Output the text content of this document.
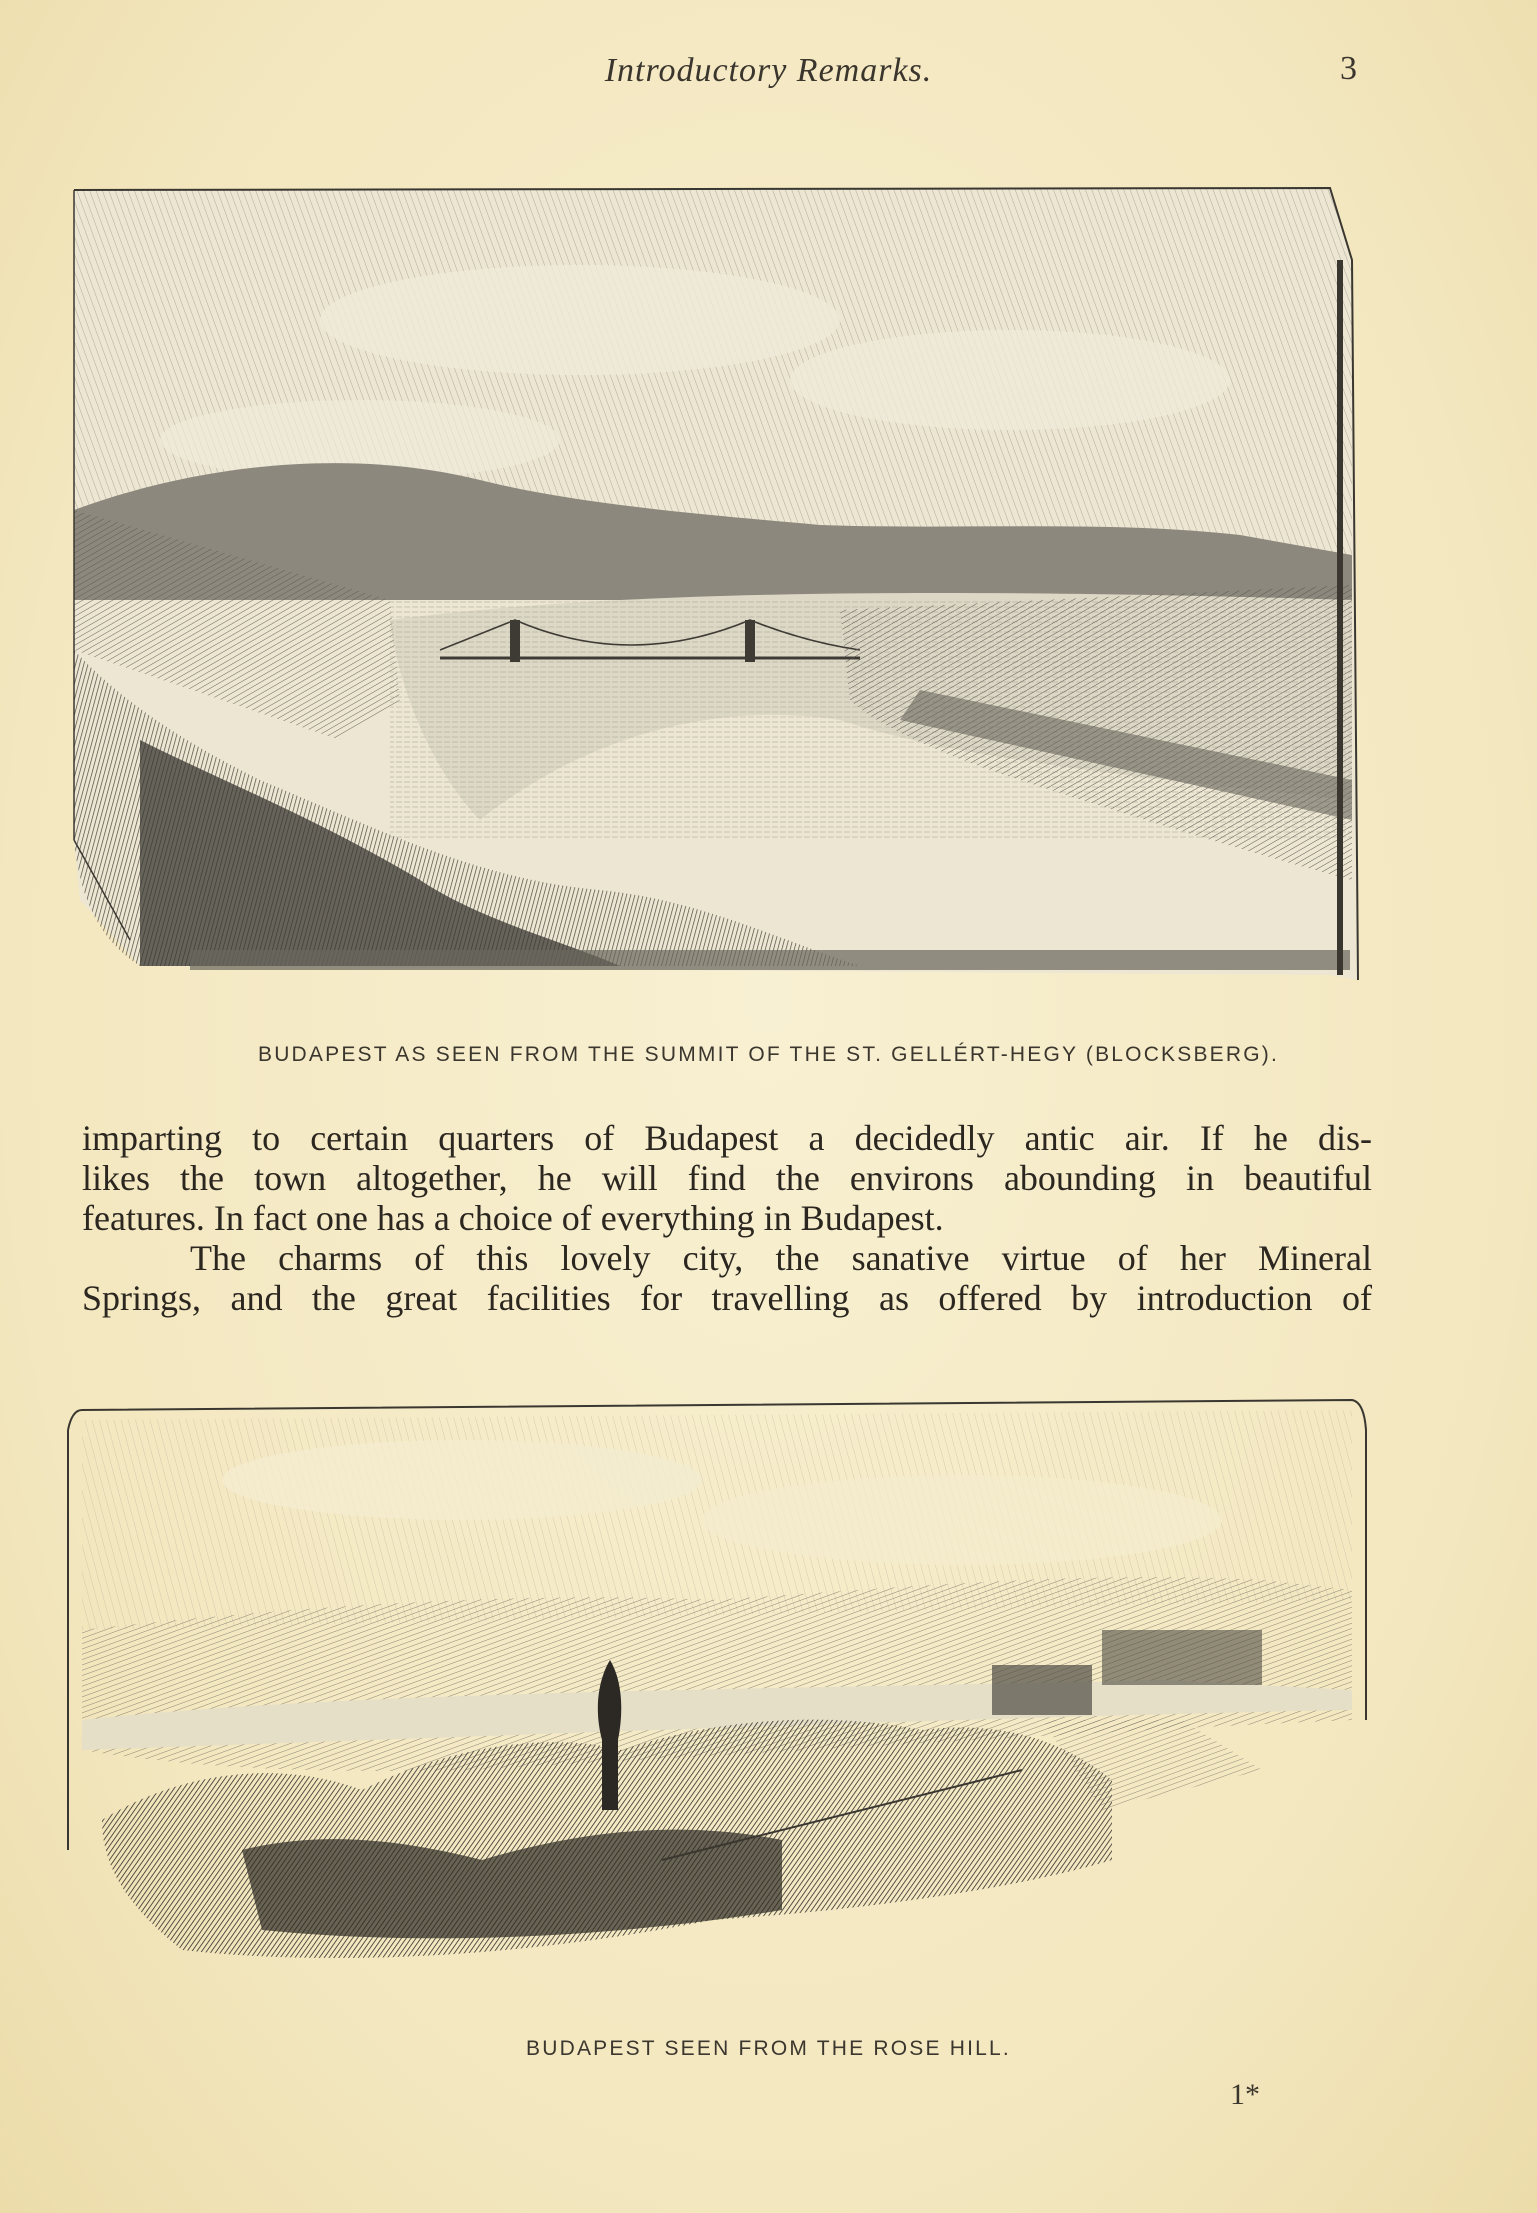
Introductory Remarks.	3
BUDAPEST AS SEEN FROM THE SUMMIT OF THE ST. GELLÉRT-HEGY (BLOCKSBERG).
imparting to certain quarters of Budapest a decidedly antic air. If he dis-
likes the town altogether, he will find the environs abounding in beautiful
features. In fact one has a choice of everything in Budapest.
The charms of this lovely city, the sanative virtue of her Mineral
Springs, and the great facilities for travelling as offered by introduction of
BUDAPEST SEEN FROM THE ROSE HILL.
1*
